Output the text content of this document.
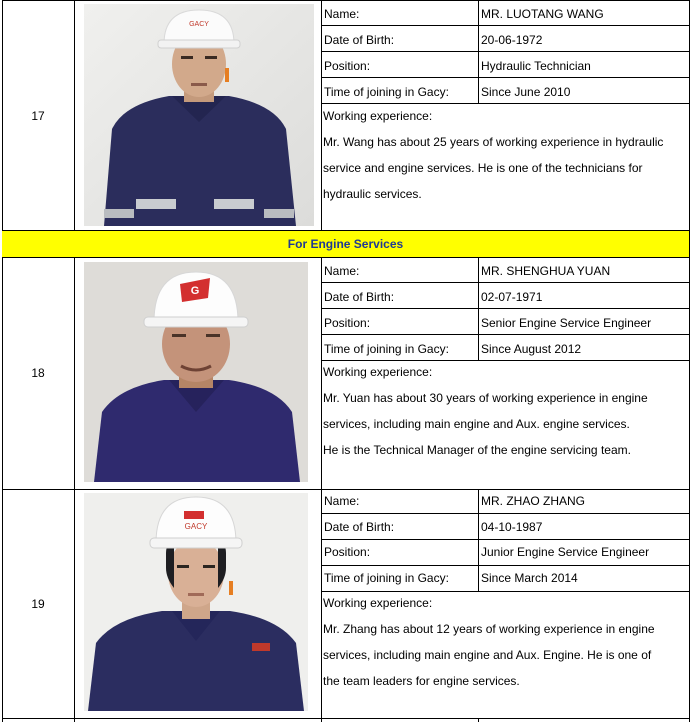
17
GACY
Name:	MR. LUOTANG WANG
Date of Birth:	20-06-1972
Position:	Hydraulic Technician
Time of joining in Gacy:	Since June 2010
Working experience:
Mr. Wang has about 25 years of working experience in hydraulic
service and engine services. He is one of the technicians for
hydraulic services.
For Engine Services
18
G
Name:	MR. SHENGHUA YUAN
Date of Birth:	02-07-1971
Position:	Senior Engine Service Engineer
Time of joining in Gacy:	Since August 2012
Working experience:
Mr. Yuan has about 30 years of working experience in engine
services, including main engine and Aux. engine services.
He is the Technical Manager of the engine servicing team.
19
GACY
Name:	MR. ZHAO ZHANG
Date of Birth:	04-10-1987
Position:	Junior Engine Service Engineer
Time of joining in Gacy:	Since March 2014
Working experience:
Mr. Zhang has about 12 years of working experience in engine
services, including main engine and Aux. Engine. He is one of
the team leaders for engine services.
